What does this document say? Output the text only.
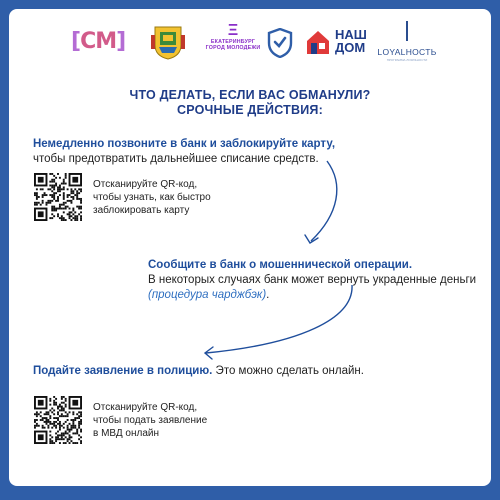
[СМ]	Ξ
ЕКАТЕРИНБУРГ
ГОРОД МОЛОДЕЖИ
НАШ
ДОМ LOYALНОСТЬ
ПРОГРАММА ЛОЯЛЬНОСТИ
ЧТО ДЕЛАТЬ, ЕСЛИ ВАС ОБМАНУЛИ?
СРОЧНЫЕ ДЕЙСТВИЯ:
Немедленно позвоните в банк и заблокируйте карту,
чтобы предотвратить дальнейшее списание средств.
Отсканируйте QR-код,
чтобы узнать, как быстро
заблокировать карту
Сообщите в банк о мошеннической операции.
В некоторых случаях банк может вернуть украденные деньги (процедура чарджбэк).
Подайте заявление в полицию. Это можно сделать онлайн.
Отсканируйте QR-код,
чтобы подать заявление
в МВД онлайн
